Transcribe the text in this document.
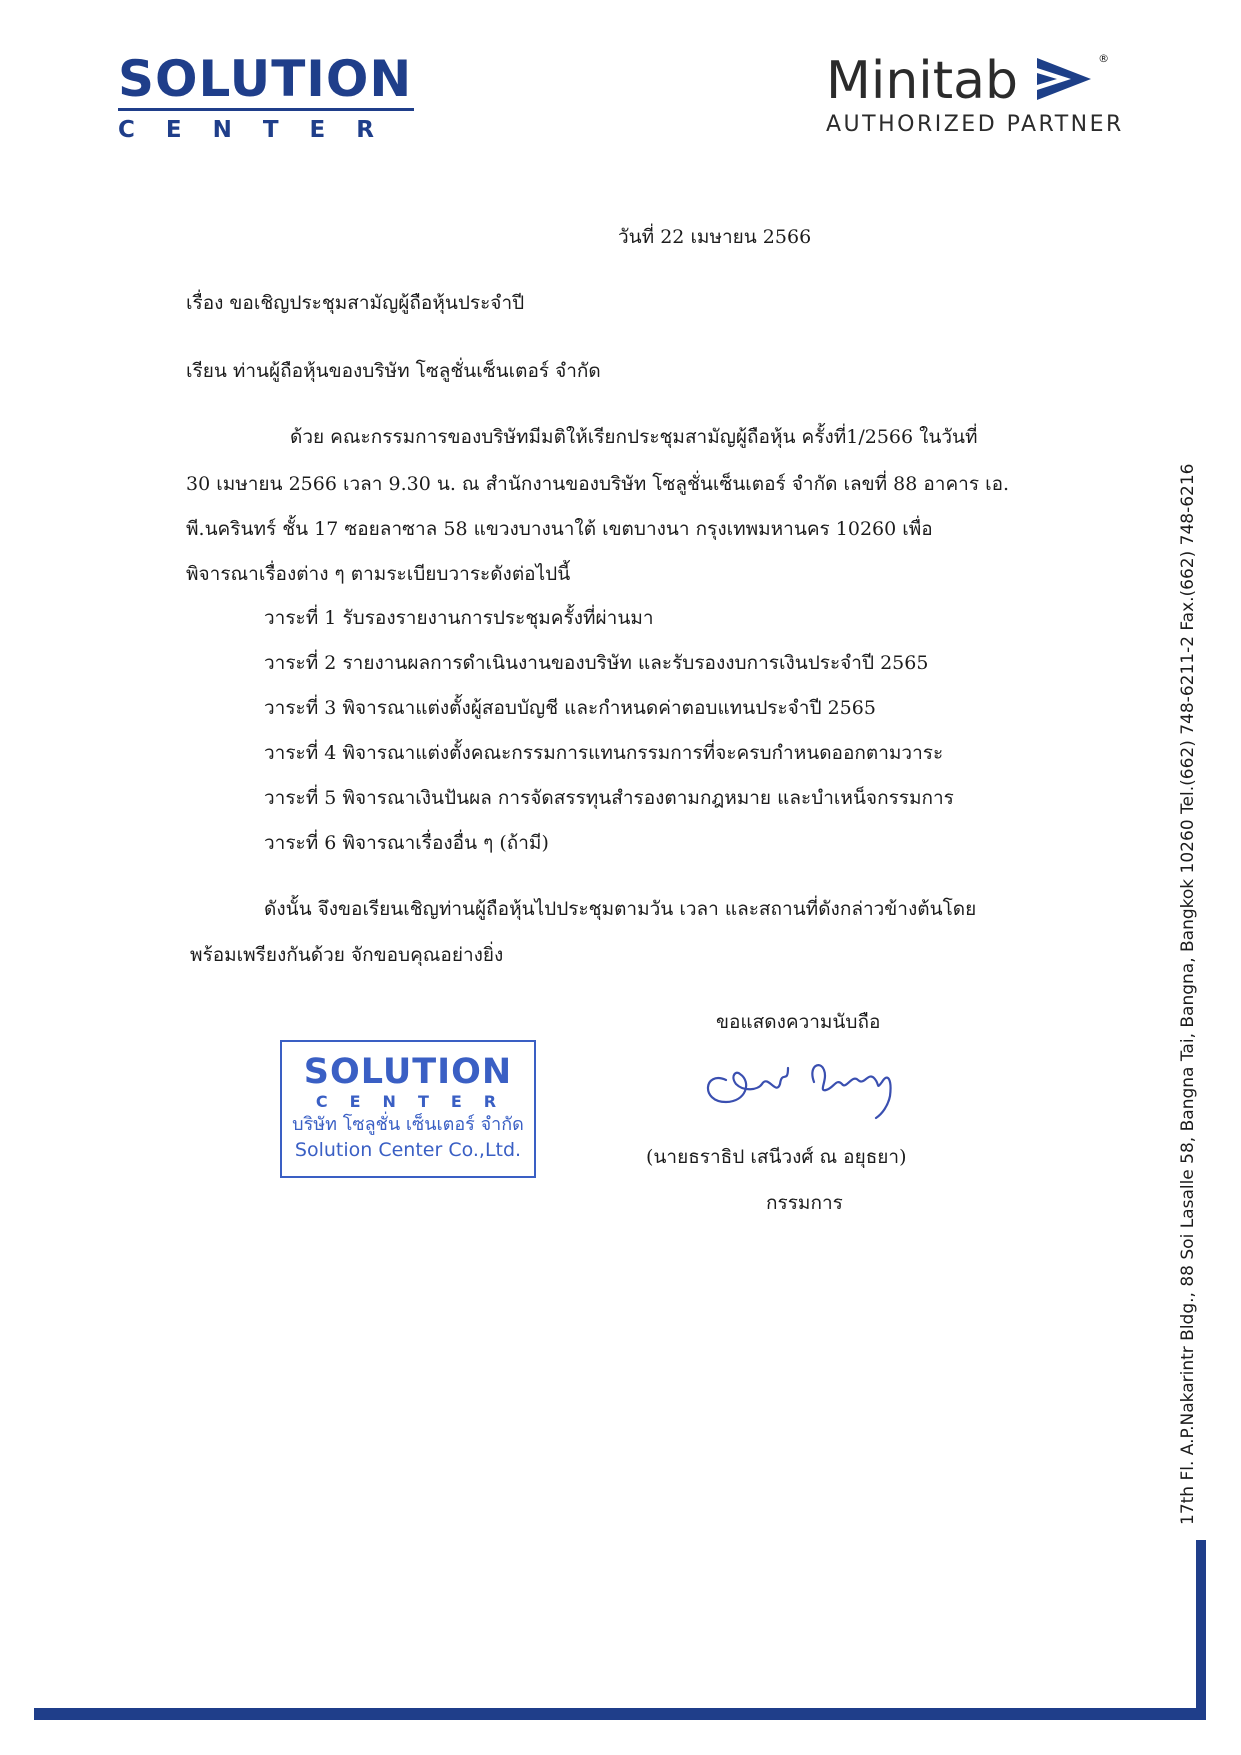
SOLUTION
CENTER
Minitab	®
AUTHORIZED PARTNER
วันที่ 22 เมษายน 2566
เรื่อง ขอเชิญประชุมสามัญผู้ถือหุ้นประจำปี
เรียน ท่านผู้ถือหุ้นของบริษัท โซลูชั่นเซ็นเตอร์ จำกัด
ด้วย คณะกรรมการของบริษัทมีมติให้เรียกประชุมสามัญผู้ถือหุ้น ครั้งที่1/2566 ในวันที่
30 เมษายน 2566 เวลา 9.30 น. ณ สำนักงานของบริษัท โซลูชั่นเซ็นเตอร์ จำกัด เลขที่ 88 อาคาร เอ.
พี.นครินทร์ ชั้น 17 ซอยลาซาล 58 แขวงบางนาใต้ เขตบางนา กรุงเทพมหานคร 10260 เพื่อ
พิจารณาเรื่องต่าง ๆ ตามระเบียบวาระดังต่อไปนี้
วาระที่ 1 รับรองรายงานการประชุมครั้งที่ผ่านมา
วาระที่ 2 รายงานผลการดำเนินงานของบริษัท และรับรองงบการเงินประจำปี 2565
วาระที่ 3 พิจารณาแต่งตั้งผู้สอบบัญชี และกำหนดค่าตอบแทนประจำปี 2565
วาระที่ 4 พิจารณาแต่งตั้งคณะกรรมการแทนกรรมการที่จะครบกำหนดออกตามวาระ
วาระที่ 5 พิจารณาเงินปันผล การจัดสรรทุนสำรองตามกฎหมาย และบำเหน็จกรรมการ
วาระที่ 6 พิจารณาเรื่องอื่น ๆ (ถ้ามี)
ดังนั้น จึงขอเรียนเชิญท่านผู้ถือหุ้นไปประชุมตามวัน เวลา และสถานที่ดังกล่าวข้างต้นโดย
พร้อมเพรียงกันด้วย จักขอบคุณอย่างยิ่ง
ขอแสดงความนับถือ
(นายธราธิป เสนีวงศ์ ณ อยุธยา)
กรรมการ
SOLUTION
CENTER
บริษัท โซลูชั่น เซ็นเตอร์ จำกัด
Solution Center Co.,Ltd.	17th Fl. A.P.Nakarintr Bldg., 88 Soi Lasalle 58, Bangna Tai, Bangna, Bangkok 10260 Tel.(662) 748-6211-2 Fax.(662) 748-6216
